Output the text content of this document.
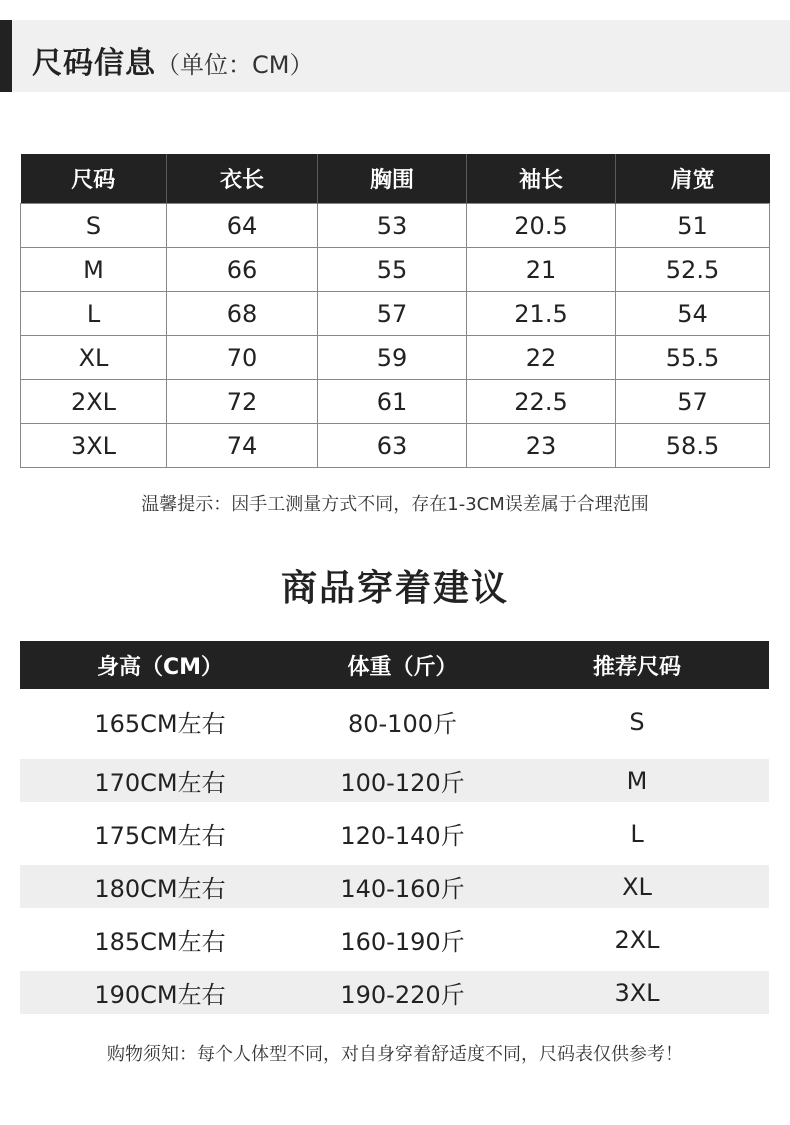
尺码信息（单位：CM）
尺码	衣长	胸围	袖长	肩宽
S	64	53	20.5	51
M	66	55	21	52.5
L	68	57	21.5	54
XL	70	59	22	55.5
2XL	72	61	22.5	57
3XL	74	63	23	58.5
温馨提示：因手工测量方式不同，存在1-3CM误差属于合理范围
商品穿着建议
身高（CM）	体重（斤）	推荐尺码
165CM左右	80-100斤	S
170CM左右	100-120斤	M
175CM左右	120-140斤	L
180CM左右	140-160斤	XL
185CM左右	160-190斤	2XL
190CM左右	190-220斤	3XL
购物须知：每个人体型不同，对自身穿着舒适度不同，尺码表仅供参考！
